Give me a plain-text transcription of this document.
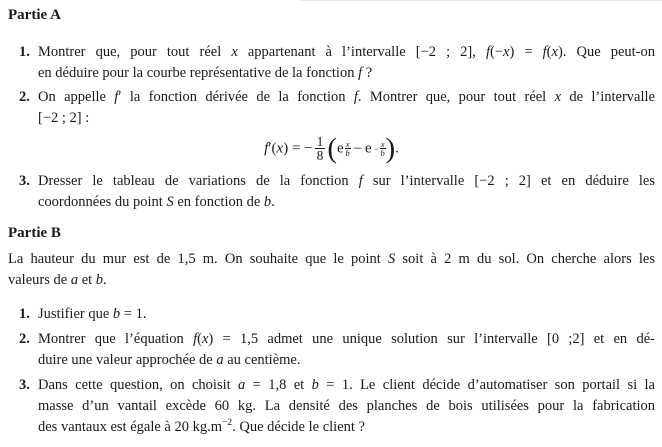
Partie A
1. Montrer que, pour tout réel x appartenant à l’intervalle [−2 ; 2], f(−x) = f(x). Que peut-on
en déduire pour la courbe représentative de la fonction f ?
2. On appelle f′ la fonction dérivée de la fonction f. Montrer que, pour tout réel x de l’intervalle
[−2 ; 2] :
f′(x) = − $\frac{1}{8} (e \frac{x}{b} - e - \frac{x}{b}$ ).
3. Dresser le tableau de variations de la fonction f sur l’intervalle [−2 ; 2] et en déduire les
coordonnées du point S en fonction de b.
Partie B
La hauteur du mur est de 1,5 m. On souhaite que le point S soit à 2 m du sol. On cherche alors les
valeurs de a et b.
1. Justifier que b = 1.
2. Montrer que l’équation f(x) = 1,5 admet une unique solution sur l’intervalle [0 ;2] et en dé-
duire une valeur approchée de a au centième.
3. Dans cette question, on choisit a = 1,8 et b = 1. Le client décide d’automatiser son portail si la
masse d’un vantail excède 60 kg. La densité des planches de bois utilisées pour la fabrication
des vantaux est égale à 20 $kg.m^{-2}$. Que décide le client ?
